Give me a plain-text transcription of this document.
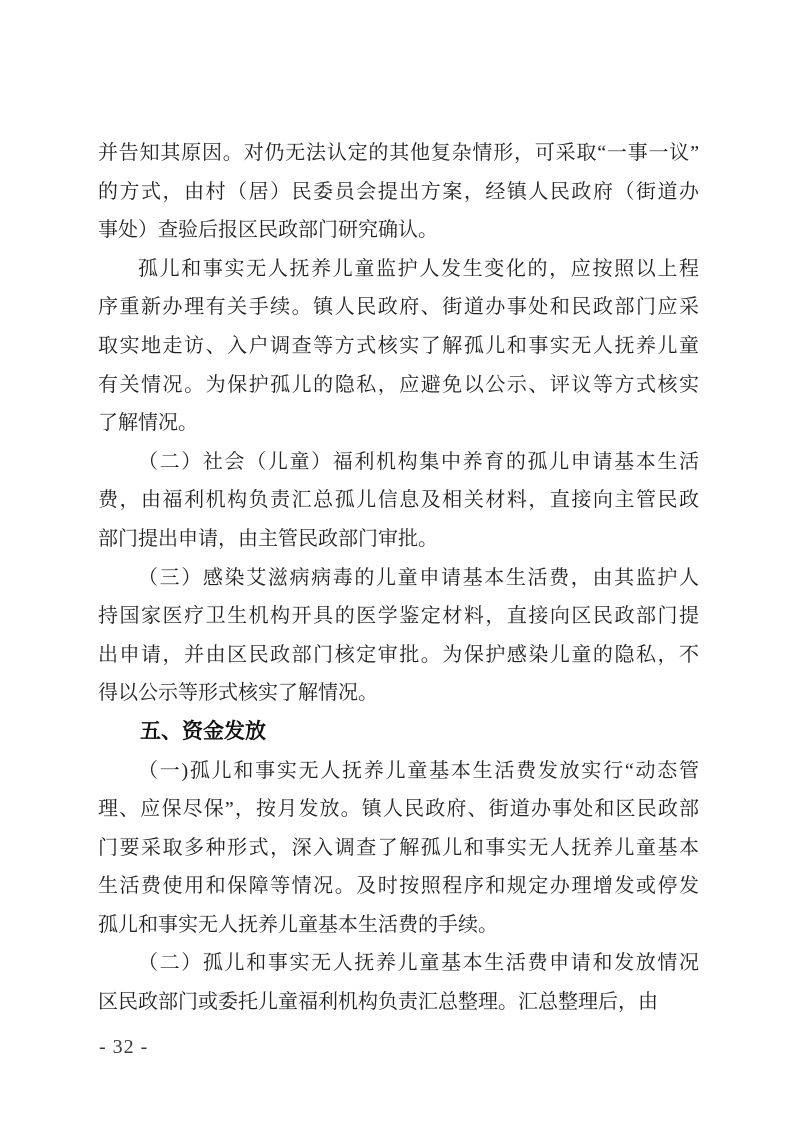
并告知其原因。对仍无法认定的其他复杂情形，可采取“一事一议”
的方式，由村（居）民委员会提出方案，经镇人民政府（街道办
事处）查验后报区民政部门研究确认。
孤儿和事实无人抚养儿童监护人发生变化的，应按照以上程
序重新办理有关手续。镇人民政府、街道办事处和民政部门应采
取实地走访、入户调查等方式核实了解孤儿和事实无人抚养儿童
有关情况。为保护孤儿的隐私，应避免以公示、评议等方式核实
了解情况。
（二）社会（儿童）福利机构集中养育的孤儿申请基本生活
费，由福利机构负责汇总孤儿信息及相关材料，直接向主管民政
部门提出申请，由主管民政部门审批。
（三）感染艾滋病病毒的儿童申请基本生活费，由其监护人
持国家医疗卫生机构开具的医学鉴定材料，直接向区民政部门提
出申请，并由区民政部门核定审批。为保护感染儿童的隐私，不
得以公示等形式核实了解情况。
五、资金发放
（一)孤儿和事实无人抚养儿童基本生活费发放实行“动态管
理、应保尽保”，按月发放。镇人民政府、街道办事处和区民政部
门要采取多种形式，深入调查了解孤儿和事实无人抚养儿童基本
生活费使用和保障等情况。及时按照程序和规定办理增发或停发
孤儿和事实无人抚养儿童基本生活费的手续。
（二）孤儿和事实无人抚养儿童基本生活费申请和发放情况
区民政部门或委托儿童福利机构负责汇总整理。汇总整理后，由
- 32 -
